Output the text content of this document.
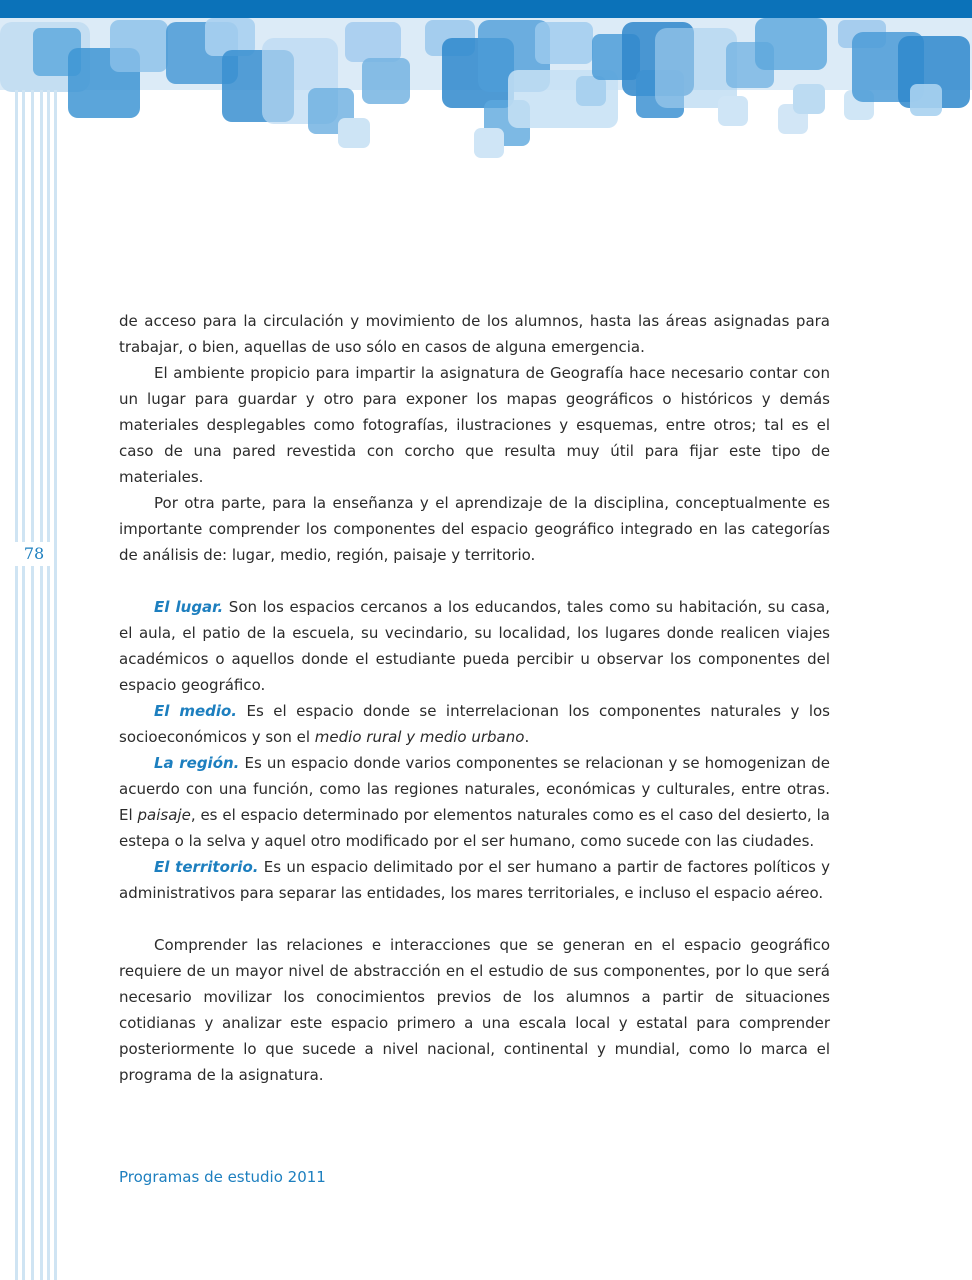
78

de acceso para la circulación y movimiento de los alumnos, hasta las áreas asignadas para trabajar, o bien, aquellas de uso sólo en casos de alguna emergencia.

El ambiente propicio para impartir la asignatura de Geografía hace necesario contar con un lugar para guardar y otro para exponer los mapas geográficos o históricos y demás materiales desplegables como fotografías, ilustraciones y esquemas, entre otros; tal es el caso de una pared revestida con corcho que resulta muy útil para fijar este tipo de materiales.

Por otra parte, para la enseñanza y el aprendizaje de la disciplina, conceptualmente es importante comprender los componentes del espacio geográfico integrado en las categorías de análisis de: lugar, medio, región, paisaje y territorio.

El lugar. Son los espacios cercanos a los educandos, tales como su habitación, su casa, el aula, el patio de la escuela, su vecindario, su localidad, los lugares donde realicen viajes académicos o aquellos donde el estudiante pueda percibir u observar los componentes del espacio geográfico.

El medio. Es el espacio donde se interrelacionan los componentes naturales y los socioeconómicos y son el medio rural y medio urbano.

La región. Es un espacio donde varios componentes se relacionan y se homogenizan de acuerdo con una función, como las regiones naturales, económicas y culturales, entre otras. El paisaje, es el espacio determinado por elementos naturales como es el caso del desierto, la estepa o la selva y aquel otro modificado por el ser humano, como sucede con las ciudades.

El territorio. Es un espacio delimitado por el ser humano a partir de factores políticos y administrativos para separar las entidades, los mares territoriales, e incluso el espacio aéreo.

Comprender las relaciones e interacciones que se generan en el espacio geográfico requiere de un mayor nivel de abstracción en el estudio de sus componentes, por lo que será necesario movilizar los conocimientos previos de los alumnos a partir de situaciones cotidianas y analizar este espacio primero a una escala local y estatal para comprender posteriormente lo que sucede a nivel nacional, continental y mundial, como lo marca el programa de la asignatura.

Programas de estudio 2011
